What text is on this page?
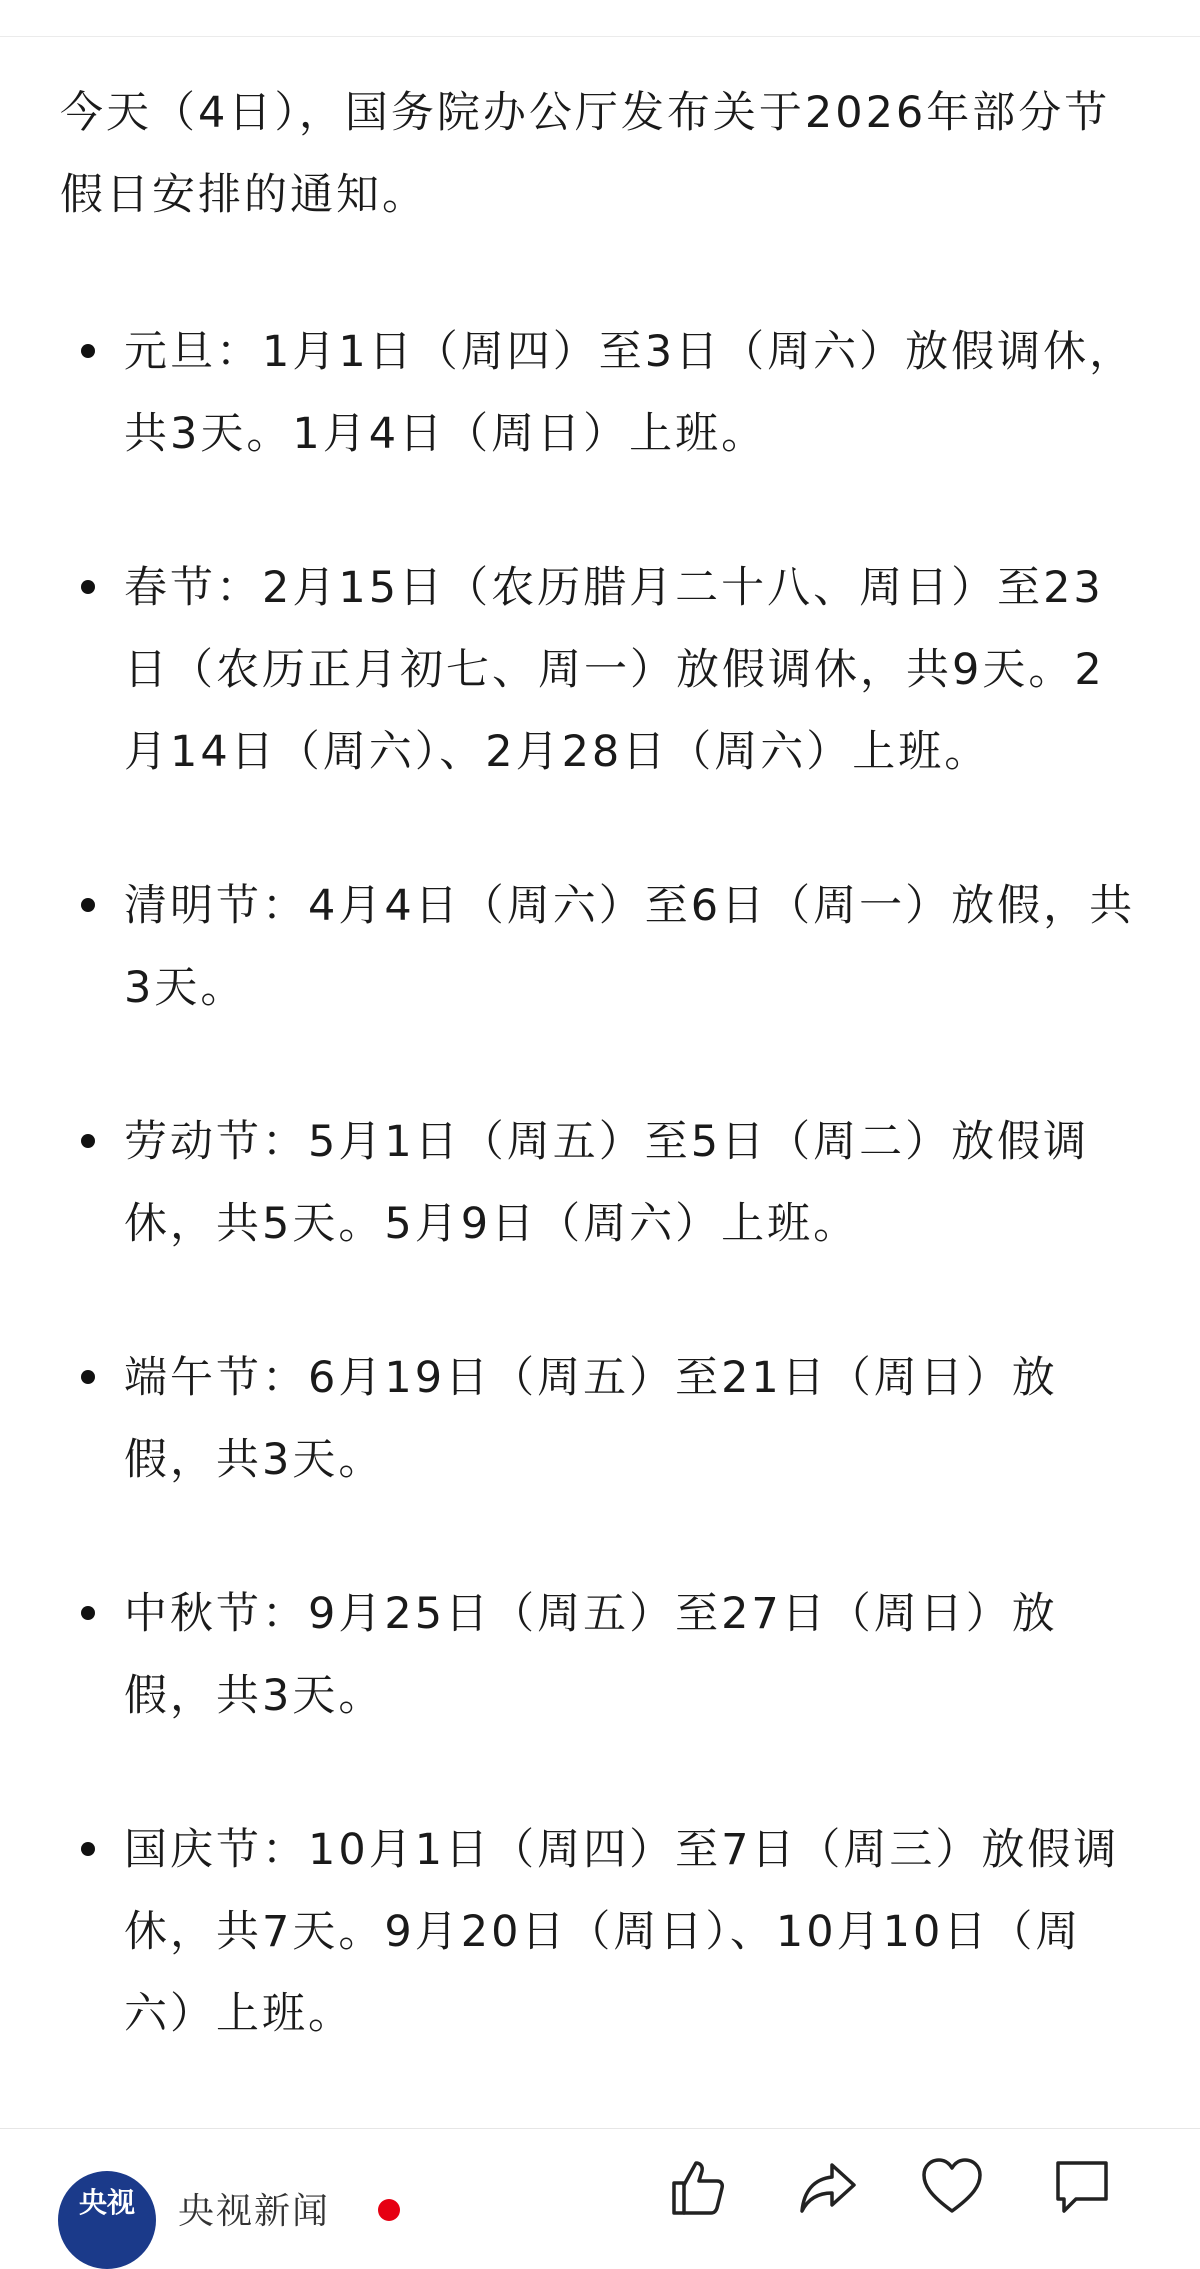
今天（4日），国务院办公厅发布关于2026年部分节假日安排的通知。

元旦：1月1日（周四）至3日（周六）放假调休，共3天。1月4日（周日）上班。
春节：2月15日（农历腊月二十八、周日）至23日（农历正月初七、周一）放假调休，共9天。2月14日（周六）、2月28日（周六）上班。
清明节：4月4日（周六）至6日（周一）放假，共3天。
劳动节：5月1日（周五）至5日（周二）放假调休，共5天。5月9日（周六）上班。
端午节：6月19日（周五）至21日（周日）放假，共3天。
中秋节：9月25日（周五）至27日（周日）放假，共3天。
国庆节：10月1日（周四）至7日（周三）放假调休，共7天。9月20日（周日）、10月10日（周六）上班。
央视	央视新闻
